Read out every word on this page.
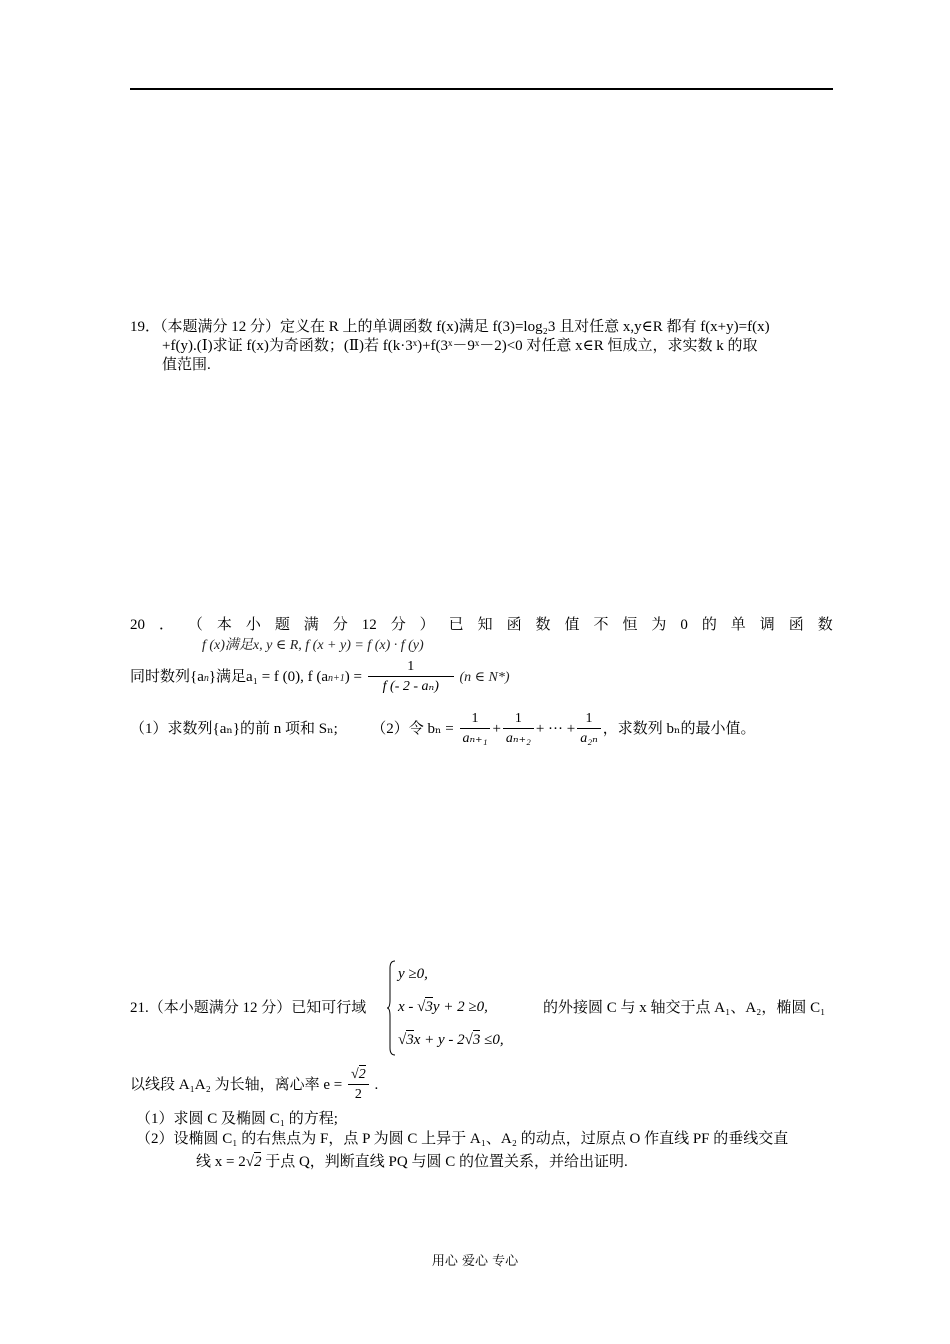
19．（本题满分 12 分）定义在 R 上的单调函数 f(x)满足 f(3)=log₂3 且对任意 x,y∈R 都有 f(x+y)=f(x)
+f(y).(Ⅰ)求证 f(x)为奇函数；(Ⅱ)若 f(k·3ˣ)+f(3ˣ－9ˣ－2)<0 对任意 x∈R 恒成立，求实数 k 的取
值范围.
20 ． （ 本 小 题 满 分 12 分 ） 已 知 函 数 值 不 恒 为 0 的 单 调 函 数
f (x)满足x, y ∈ R, f (x + y) = f (x) · f (y)
同时数列{an}满足a₁ = f (0), f $(an+1) = \frac{1}{\text{f (- 2 - aₙ)}} (n$ ∈ N*)
（1）求数列{aₙ}的前 n 项和 Sₙ; （2）令 $b_n = \frac{1}{\text{aₙ₊₁}} + \frac{1}{\text{aₙ₊₂}}$ + ··· + $\frac{1}{\text{a₂ₙ}}$ ，求数列 bₙ的最小值。
21.（本小题满分 12 分）已知可行域
y ≥0,
x - √3y + 2 ≥0,
√3x + y - 2√3 ≤0,
的外接圆 C 与 x 轴交于点 A₁、A₂，椭圆 C₁
以线段 A₁A₂ 为长轴，离心率 $e = \frac{√2}{2}$ .
（1）求圆 C 及椭圆 C₁ 的方程;
（2）设椭圆 C₁ 的右焦点为 F，点 P 为圆 C 上异于 A₁、A₂ 的动点，过原点 O 作直线 PF 的垂线交直
线 x = 2√2 于点 Q，判断直线 PQ 与圆 C 的位置关系，并给出证明.
用心 爱心 专心
